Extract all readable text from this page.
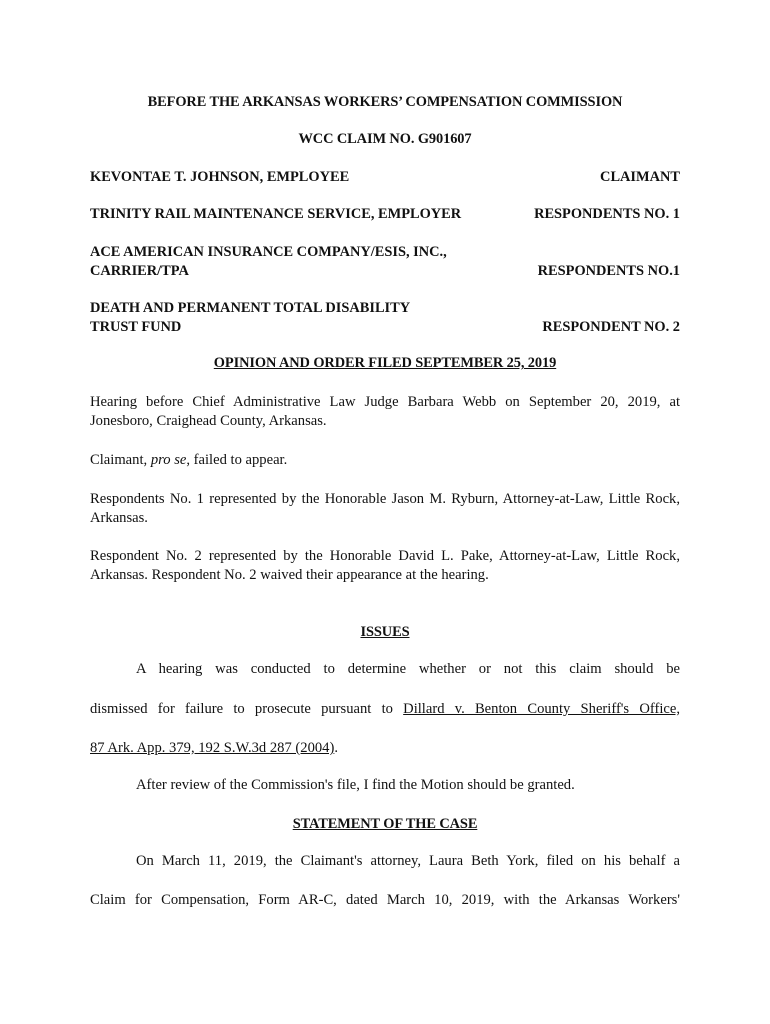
BEFORE THE ARKANSAS WORKERS’ COMPENSATION COMMISSION
WCC CLAIM NO. G901607
KEVONTAE T. JOHNSON, EMPLOYEE	CLAIMANT
TRINITY RAIL MAINTENANCE SERVICE, EMPLOYER	RESPONDENTS NO. 1
ACE AMERICAN INSURANCE COMPANY/ESIS, INC., CARRIER/TPA	RESPONDENTS NO.1
DEATH AND PERMANENT TOTAL DISABILITY TRUST FUND	RESPONDENT NO. 2
OPINION AND ORDER FILED SEPTEMBER 25, 2019
Hearing before Chief Administrative Law Judge Barbara Webb on September 20, 2019, at Jonesboro, Craighead County, Arkansas.
Claimant, pro se, failed to appear.
Respondents No. 1 represented by the Honorable Jason M. Ryburn, Attorney-at-Law, Little Rock, Arkansas.
Respondent No. 2 represented by the Honorable David L. Pake, Attorney-at-Law, Little Rock, Arkansas. Respondent No. 2 waived their appearance at the hearing.
ISSUES
A hearing was conducted to determine whether or not this claim should be
dismissed for failure to prosecute pursuant to Dillard v. Benton County Sheriff's Office,
87 Ark. App. 379, 192 S.W.3d 287 (2004).
After review of the Commission's file, I find the Motion should be granted.
STATEMENT OF THE CASE
On March 11, 2019, the Claimant's attorney, Laura Beth York, filed on his behalf a
Claim for Compensation, Form AR-C, dated March 10, 2019, with the Arkansas Workers'
